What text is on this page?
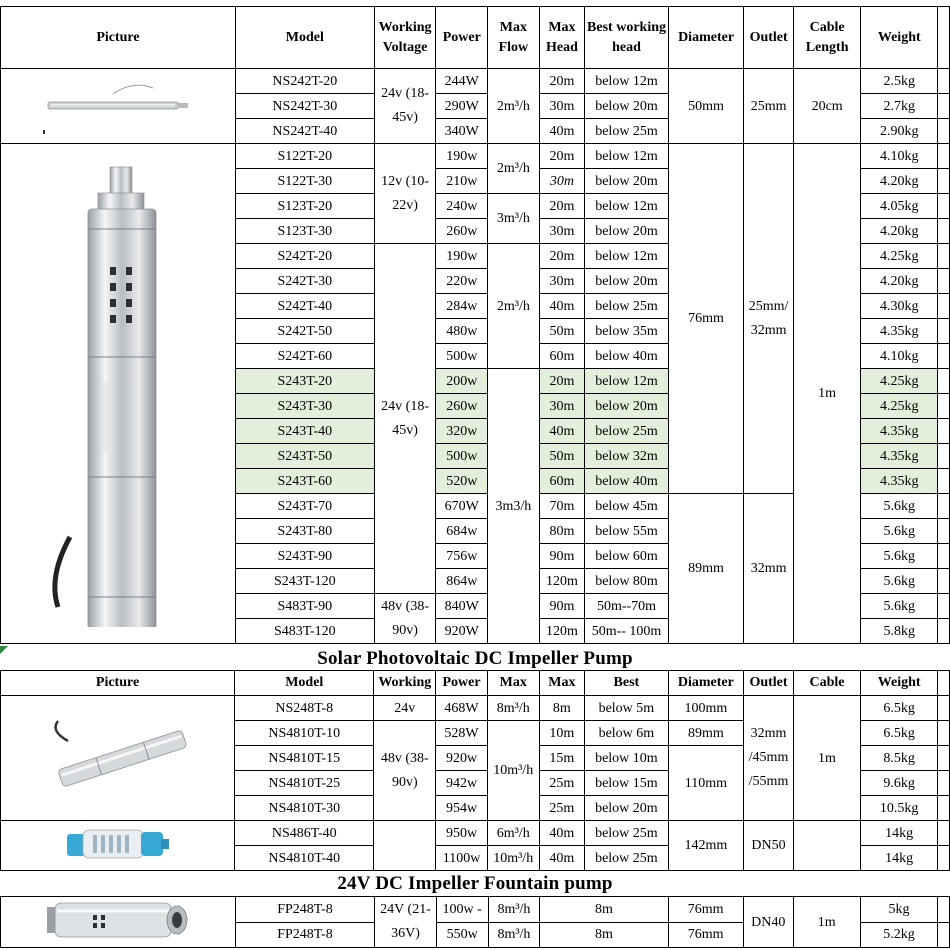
Picture	Model	Working Voltage	Power	Max Flow	Max Head	Best working head	Diameter	Outlet	Cable Length	Weight	
	NS242T-20	24v (18-45v)	244W	2m³/h	20m	below 12m	50mm	25mm	20cm	2.5kg	
	NS242T-30		290W		30m	below 20m				2.7kg	
	NS242T-40		340W		40m	below 25m				2.90kg	
	S122T-20	12v (10-22v)	190w	2m³/h	20m	below 12m	76mm	25mm/ 32mm	1m	4.10kg	
	S122T-30		210w		30m	below 20m				4.20kg	
	S123T-20		240w	3m³/h	20m	below 12m				4.05kg	
	S123T-30		260w		30m	below 20m				4.20kg	
	S242T-20	24v (18-45v)	190w	2m³/h	20m	below 12m				4.25kg	
	S242T-30		220w		30m	below 20m				4.20kg	
	S242T-40		284w		40m	below 25m				4.30kg	
	S242T-50		480w		50m	below 35m				4.35kg	
	S242T-60		500w		60m	below 40m				4.10kg	
	S243T-20		200w	3m3/h	20m	below 12m				4.25kg	
	S243T-30		260w		30m	below 20m				4.25kg	
	S243T-40		320w		40m	below 25m				4.35kg	
	S243T-50		500w		50m	below 32m				4.35kg	
	S243T-60		520w		60m	below 40m				4.35kg	
	S243T-70		670W		70m	below 45m	89mm	32mm		5.6kg	
	S243T-80		684w		80m	below 55m				5.6kg	
	S243T-90		756w		90m	below 60m				5.6kg	
	S243T-120		864w		120m	below 80m				5.6kg	
	S483T-90	48v (38-90v)	840W		90m	50m--70m				5.6kg	
	S483T-120		920W		120m	50m-- 100m				5.8kg	
Solar Photovoltaic DC Impeller Pump
Picture	Model	Working	Power	Max	Max	Best	Diameter	Outlet	Cable	Weight	
	NS248T-8	24v	468W	8m³/h	8m	below 5m	100mm	32mm /45mm /55mm	1m	6.5kg	
	NS4810T-10	48v (38-90v)	528W	10m³/h	10m	below 6m	89mm			6.5kg	
	NS4810T-15		920w		15m	below 10m	110mm			8.5kg	
	NS4810T-25		942w		25m	below 15m				9.6kg	
	NS4810T-30		954w		25m	below 20m				10.5kg	
	NS486T-40		950w	6m³/h	40m	below 25m	142mm	DN50		14kg	
	NS4810T-40		1100w	10m³/h	40m	below 25m				14kg	
24V DC Impeller Fountain pump
	FP248T-8	24V (21-36V)	100w -	8m³/h	8m	76mm	DN40	1m	5kg	
	FP248T-8		550w	8m³/h	8m	76mm			5.2kg	
